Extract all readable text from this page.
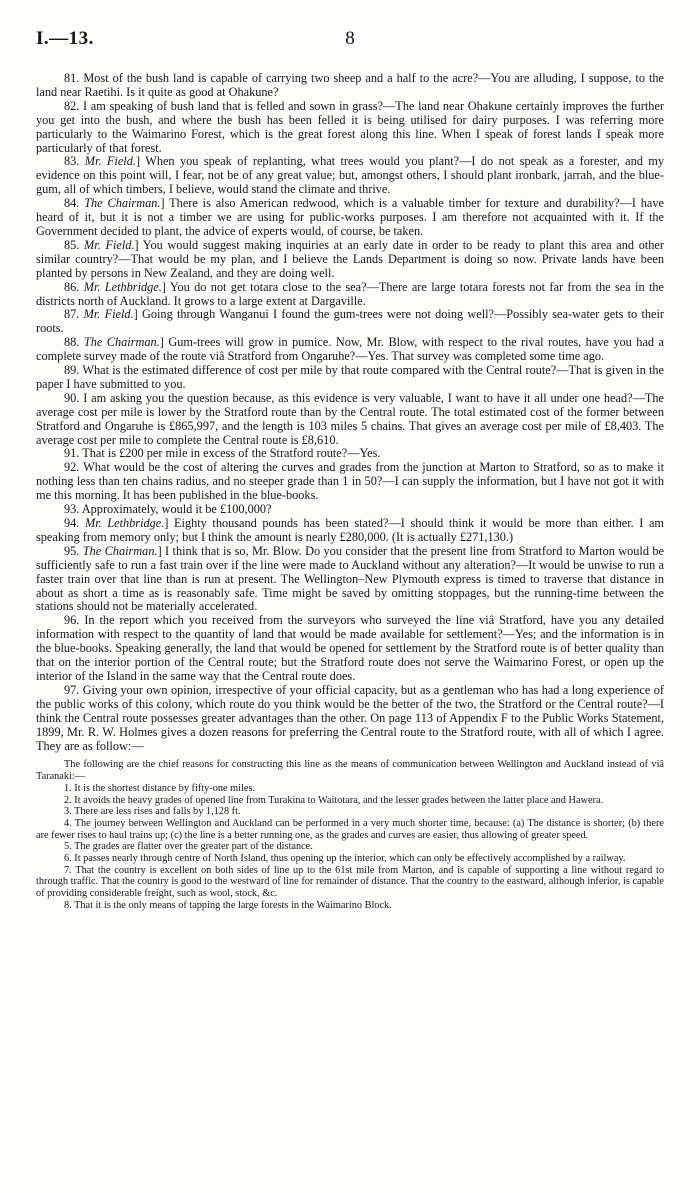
I.—13.	8

81. Most of the bush land is capable of carrying two sheep and a half to the acre?—You are alluding, I suppose, to the land near Raetihi. Is it quite as good at Ohakune?

82. I am speaking of bush land that is felled and sown in grass?—The land near Ohakune certainly improves the further you get into the bush, and where the bush has been felled it is being utilised for dairy purposes. I was referring more particularly to the Waimarino Forest, which is the great forest along this line. When I speak of forest lands I speak more particularly of that forest.

83. Mr. Field.] When you speak of replanting, what trees would you plant?—I do not speak as a forester, and my evidence on this point will, I fear, not be of any great value; but, amongst others, I should plant ironbark, jarrah, and the blue-gum, all of which timbers, I believe, would stand the climate and thrive.

84. The Chairman.] There is also American redwood, which is a valuable timber for texture and durability?—I have heard of it, but it is not a timber we are using for public-works purposes. I am therefore not acquainted with it. If the Government decided to plant, the advice of experts would, of course, be taken.

85. Mr. Field.] You would suggest making inquiries at an early date in order to be ready to plant this area and other similar country?—That would be my plan, and I believe the Lands Department is doing so now. Private lands have been planted by persons in New Zealand, and they are doing well.

86. Mr. Lethbridge.] You do not get totara close to the sea?—There are large totara forests not far from the sea in the districts north of Auckland. It grows to a large extent at Dargaville.

87. Mr. Field.] Going through Wanganui I found the gum-trees were not doing well?—Possibly sea-water gets to their roots.

88. The Chairman.] Gum-trees will grow in pumice. Now, Mr. Blow, with respect to the rival routes, have you had a complete survey made of the route viâ Stratford from Ongaruhe?—Yes. That survey was completed some time ago.

89. What is the estimated difference of cost per mile by that route compared with the Central route?—That is given in the paper I have submitted to you.

90. I am asking you the question because, as this evidence is very valuable, I want to have it all under one head?—The average cost per mile is lower by the Stratford route than by the Central route. The total estimated cost of the former between Stratford and Ongaruhe is £865,997, and the length is 103 miles 5 chains. That gives an average cost per mile of £8,403. The average cost per mile to complete the Central route is £8,610.

91. That is £200 per mile in excess of the Stratford route?—Yes.

92. What would be the cost of altering the curves and grades from the junction at Marton to Stratford, so as to make it nothing less than ten chains radius, and no steeper grade than 1 in 50?—I can supply the information, but I have not got it with me this morning. It has been published in the blue-books.

93. Approximately, would it be £100,000?

94. Mr. Lethbridge.] Eighty thousand pounds has been stated?—I should think it would be more than either. I am speaking from memory only; but I think the amount is nearly £280,000. (It is actually £271,130.)

95. The Chairman.] I think that is so, Mr. Blow. Do you consider that the present line from Stratford to Marton would be sufficiently safe to run a fast train over if the line were made to Auckland without any alteration?—It would be unwise to run a faster train over that line than is run at present. The Wellington–New Plymouth express is timed to traverse that distance in about as short a time as is reasonably safe. Time might be saved by omitting stoppages, but the running-time between the stations should not be materially accelerated.

96. In the report which you received from the surveyors who surveyed the line viâ Stratford, have you any detailed information with respect to the quantity of land that would be made available for settlement?—Yes; and the information is in the blue-books. Speaking generally, the land that would be opened for settlement by the Stratford route is of better quality than that on the interior portion of the Central route; but the Stratford route does not serve the Waimarino Forest, or open up the interior of the Island in the same way that the Central route does.

97. Giving your own opinion, irrespective of your official capacity, but as a gentleman who has had a long experience of the public works of this colony, which route do you think would be the better of the two, the Stratford or the Central route?—I think the Central route possesses greater advantages than the other. On page 113 of Appendix F to the Public Works Statement, 1899, Mr. R. W. Holmes gives a dozen reasons for preferring the Central route to the Stratford route, with all of which I agree. They are as follow:—

The following are the chief reasons for constructing this line as the means of communication between Wellington and Auckland instead of viâ Taranaki:—

1. It is the shortest distance by fifty-one miles.

2. It avoids the heavy grades of opened line from Turakina to Waitotara, and the lesser grades between the latter place and Hawera.

3. There are less rises and falls by 1,128 ft.

4. The journey between Wellington and Auckland can be performed in a very much shorter time, because: (a) The distance is shorter; (b) there are fewer rises to haul trains up; (c) the line is a better running one, as the grades and curves are easier, thus allowing of greater speed.

5. The grades are flatter over the greater part of the distance.

6. It passes nearly through centre of North Island, thus opening up the interior, which can only be effectively accomplished by a railway.

7. That the country is excellent on both sides of line up to the 61st mile from Marton, and is capable of supporting a line without regard to through traffic. That the country is good to the westward of line for remainder of distance. That the country to the eastward, although inferior, is capable of providing considerable freight, such as wool, stock, &c.

8. That it is the only means of tapping the large forests in the Waimarino Block.
